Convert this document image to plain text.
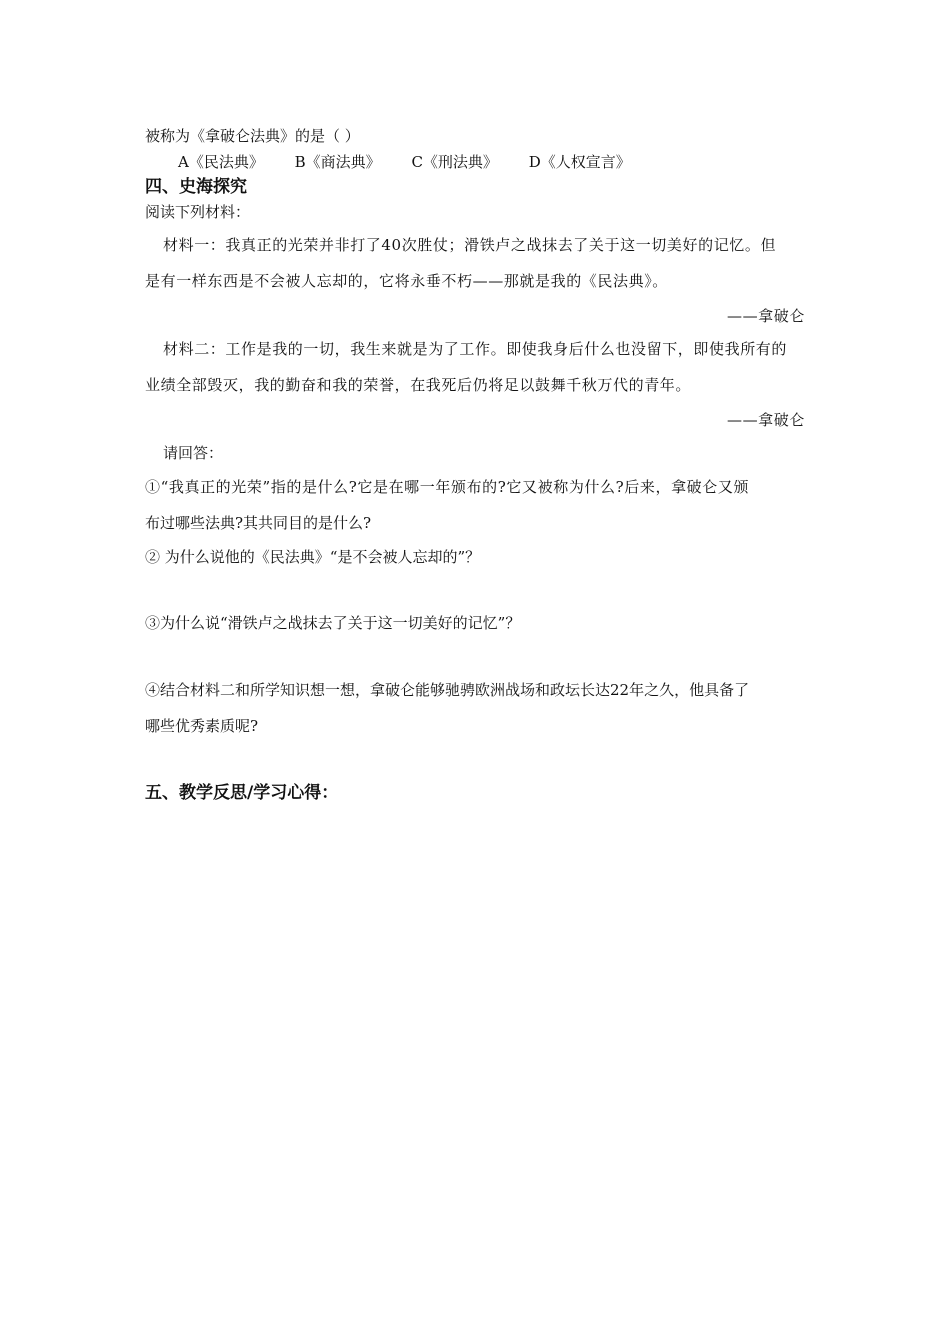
被称为《拿破仑法典》的是（ ）
A《民法典》 B《商法典》 C《刑法典》 D《人权宣言》
四、史海探究
阅读下列材料：
材料一：我真正的光荣并非打了40次胜仗；滑铁卢之战抹去了关于这一切美好的记忆。但
是有一样东西是不会被人忘却的，它将永垂不朽——那就是我的《民法典》。
——拿破仑
材料二：工作是我的一切，我生来就是为了工作。即使我身后什么也没留下，即使我所有的
业绩全部毁灭，我的勤奋和我的荣誉，在我死后仍将足以鼓舞千秋万代的青年。
——拿破仑
请回答：
①“我真正的光荣”指的是什么?它是在哪一年颁布的?它又被称为什么?后来，拿破仑又颁
布过哪些法典?其共同目的是什么?
② 为什么说他的《民法典》“是不会被人忘却的”？
③为什么说“滑铁卢之战抹去了关于这一切美好的记忆”？
④结合材料二和所学知识想一想，拿破仑能够驰骋欧洲战场和政坛长达22年之久，他具备了
哪些优秀素质呢?
五、教学反思/学习心得：
